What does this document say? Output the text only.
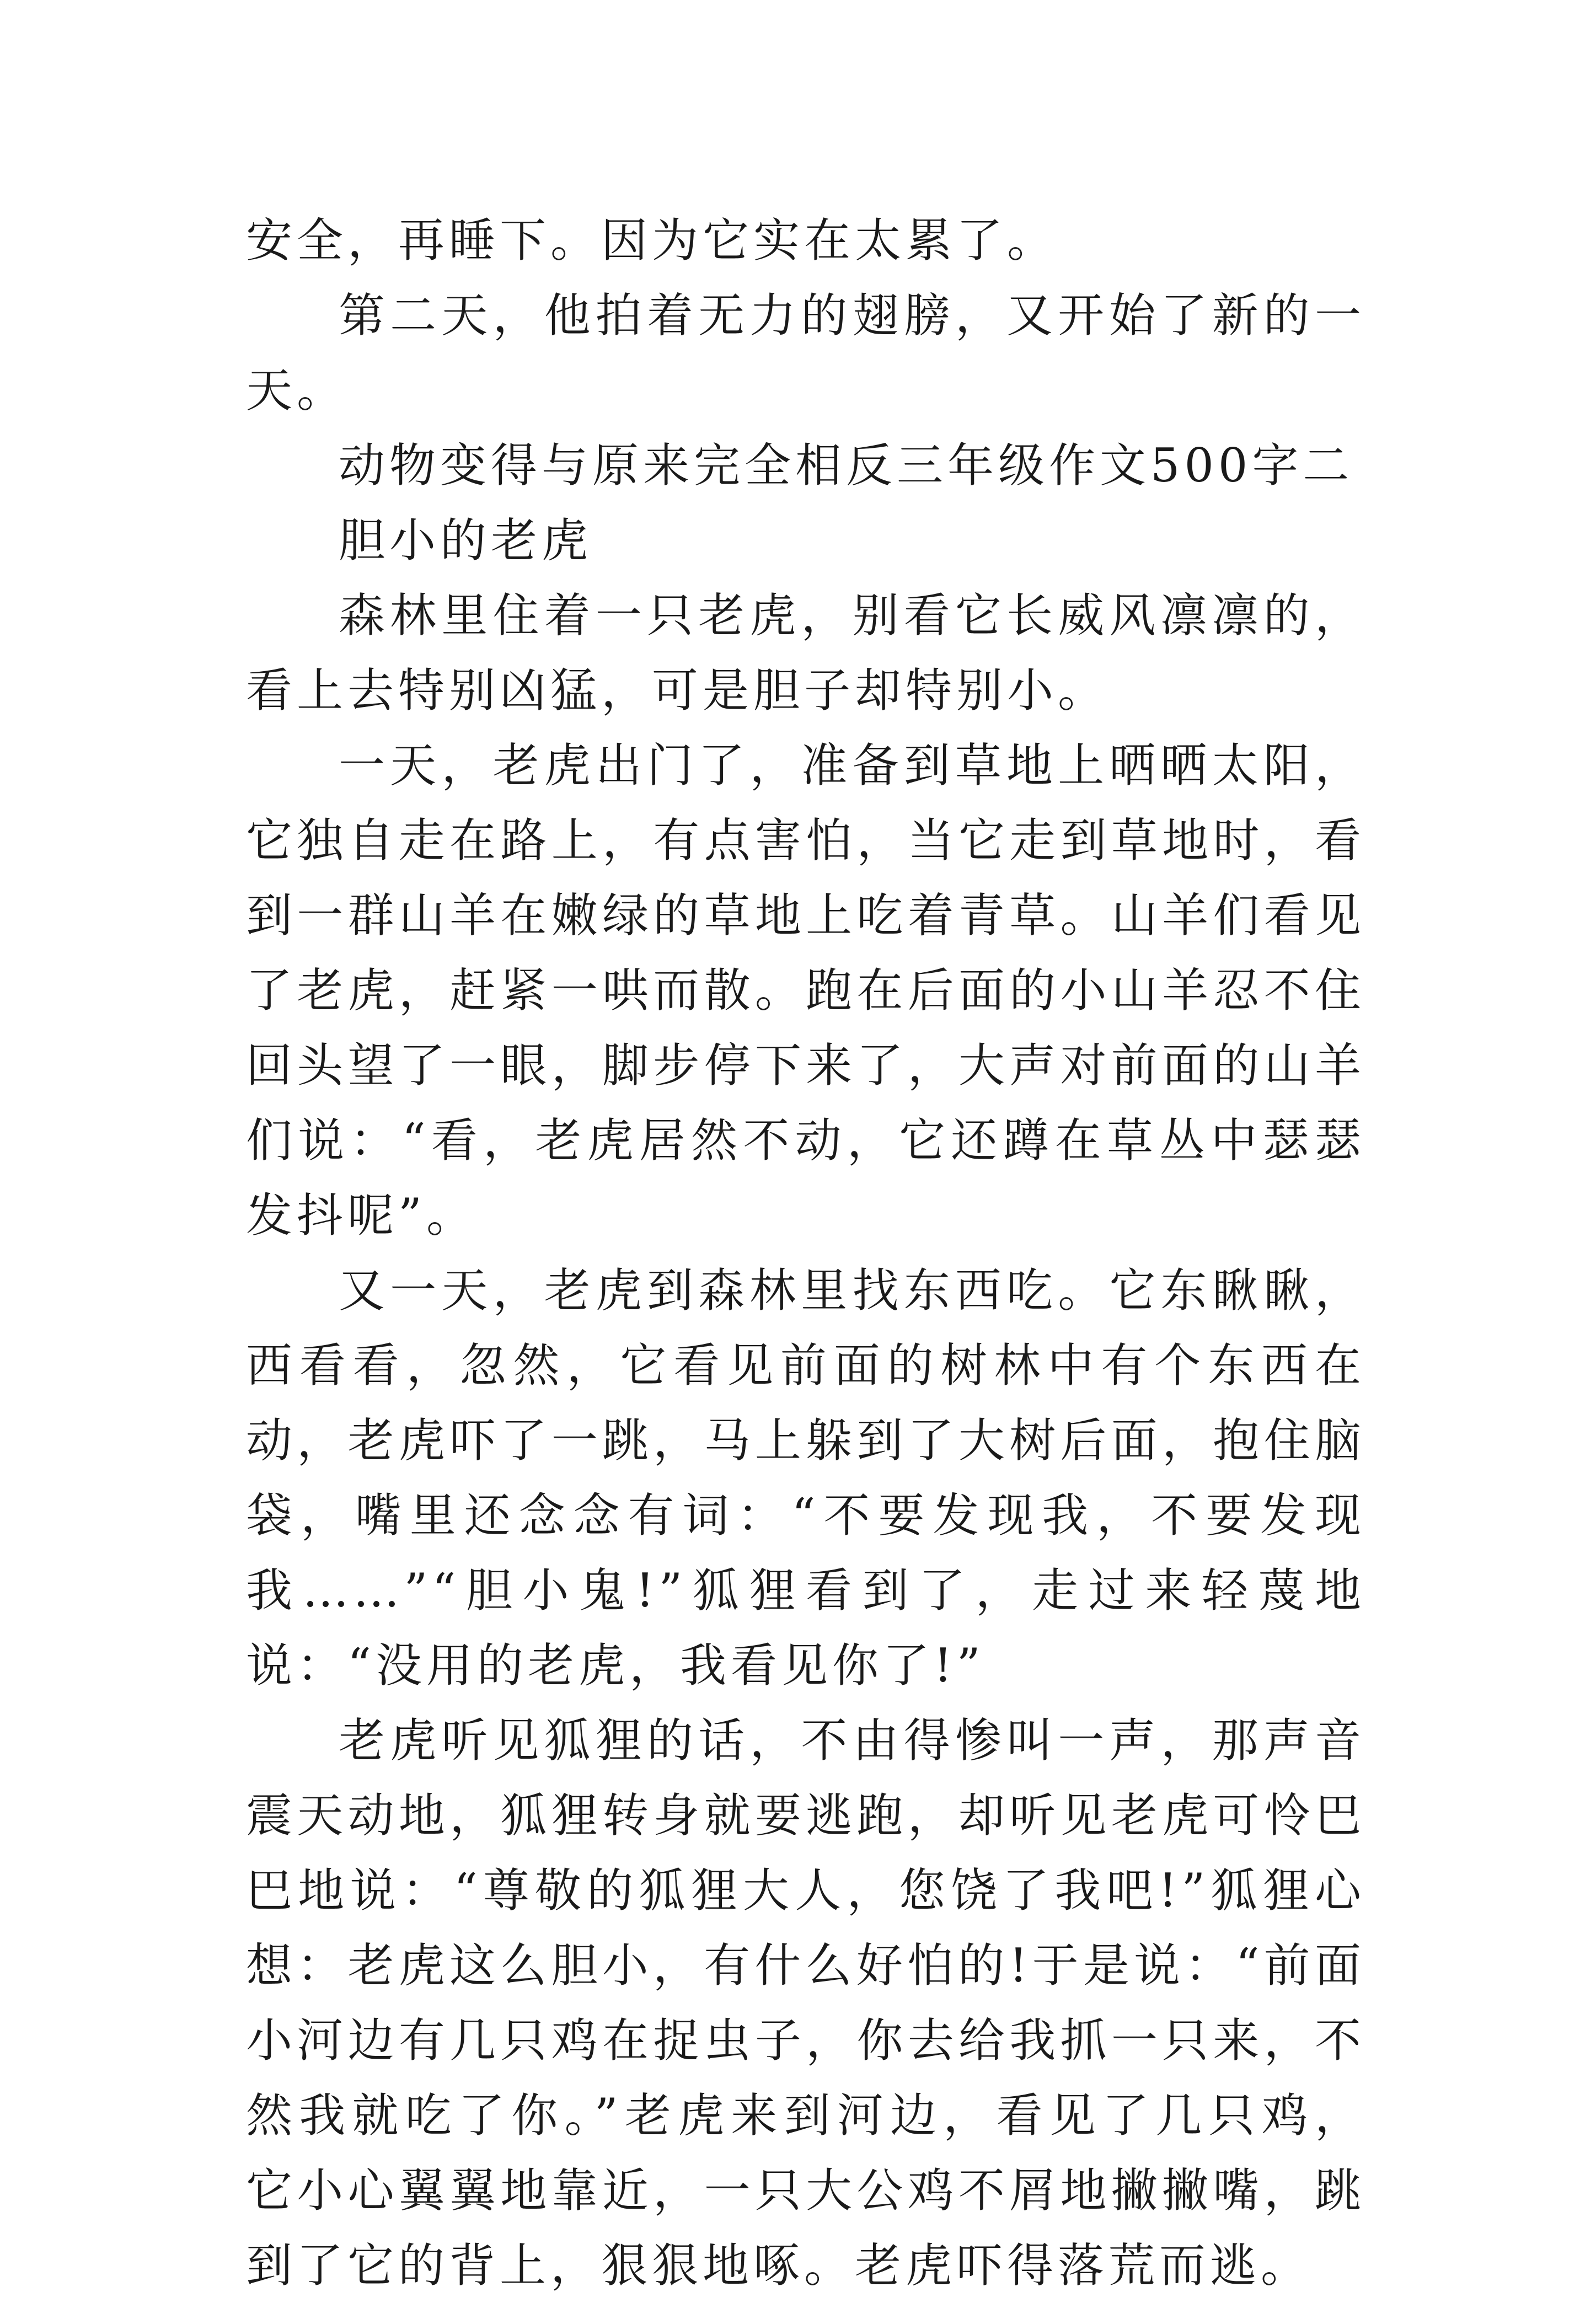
安全，再睡下。因为它实在太累了。

第二天，他拍着无力的翅膀，又开始了新的一天。

动物变得与原来完全相反三年级作文500字二

胆小的老虎

森林里住着一只老虎，别看它长威风凛凛的，看上去特别凶猛，可是胆子却特别小。

一天，老虎出门了，准备到草地上晒晒太阳，它独自走在路上，有点害怕，当它走到草地时，看到一群山羊在嫩绿的草地上吃着青草。山羊们看见了老虎，赶紧一哄而散。跑在后面的小山羊忍不住回头望了一眼，脚步停下来了，大声对前面的山羊们说：“看，老虎居然不动，它还蹲在草丛中瑟瑟发抖呢”。

又一天，老虎到森林里找东西吃。它东瞅瞅，西看看，忽然，它看见前面的树林中有个东西在动，老虎吓了一跳，马上躲到了大树后面，抱住脑袋，嘴里还念念有词：“不要发现我，不要发现我……”“胆小鬼!”狐狸看到了，走过来轻蔑地说：“没用的老虎，我看见你了!”

老虎听见狐狸的话，不由得惨叫一声，那声音震天动地，狐狸转身就要逃跑，却听见老虎可怜巴巴地说：“尊敬的狐狸大人，您饶了我吧!”狐狸心想：老虎这么胆小，有什么好怕的!于是说：“前面小河边有几只鸡在捉虫子，你去给我抓一只来，不然我就吃了你。”老虎来到河边，看见了几只鸡，它小心翼翼地靠近，一只大公鸡不屑地撇撇嘴，跳到了它的背上，狠狠地啄。老虎吓得落荒而逃。
